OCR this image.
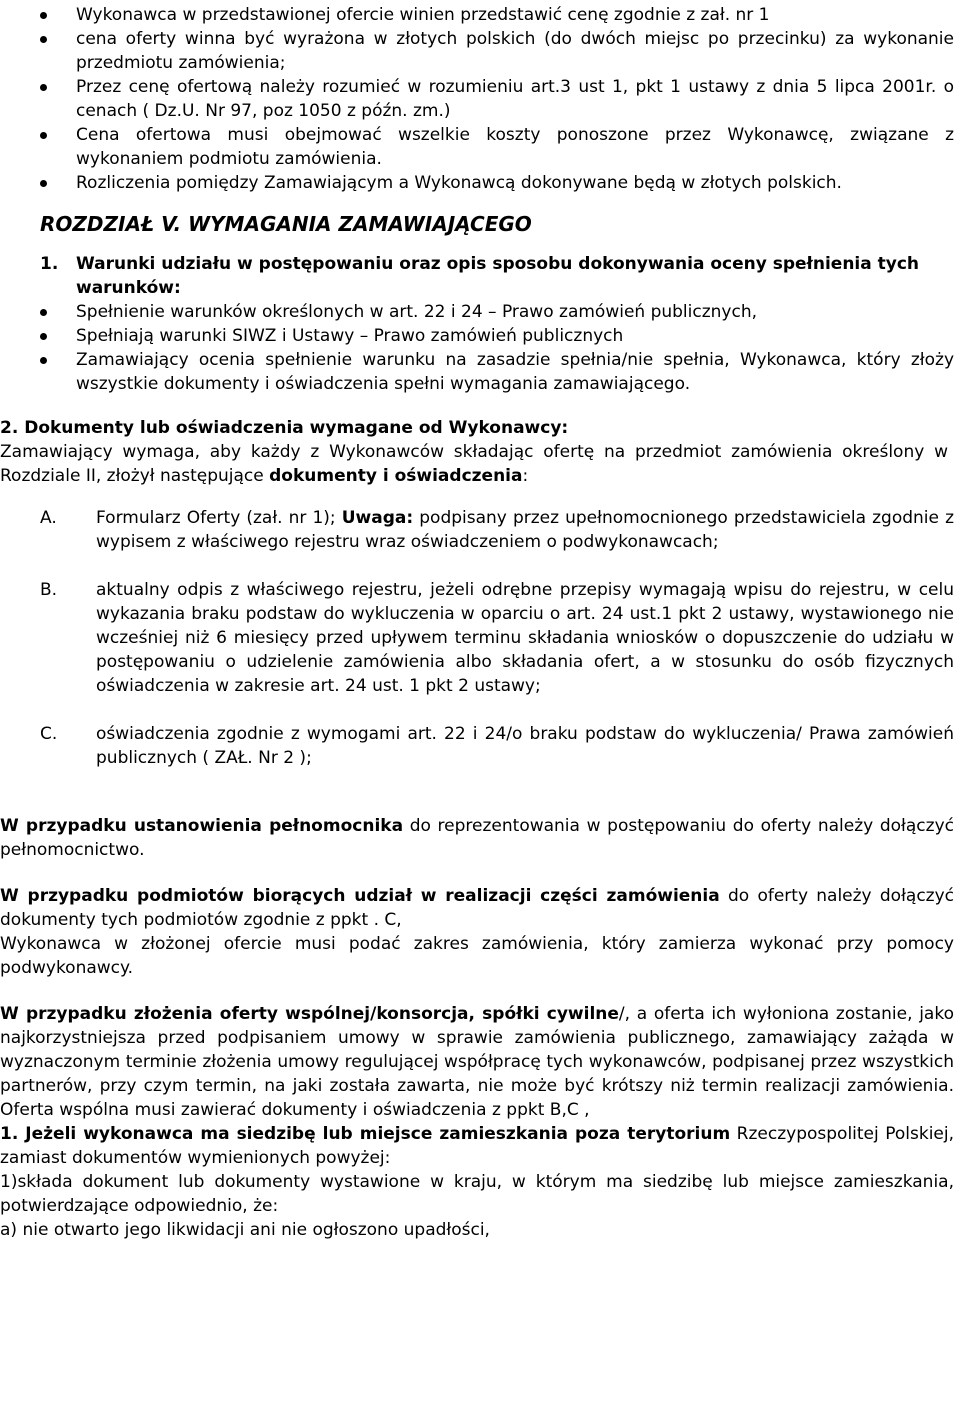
Wykonawca w przedstawionej ofercie winien przedstawić cenę zgodnie z zał. nr 1
cena oferty winna być wyrażona w złotych polskich (do dwóch miejsc po przecinku) za wykonanie przedmiotu zamówienia;
Przez cenę ofertową należy rozumieć w rozumieniu art.3 ust 1, pkt 1 ustawy z dnia 5 lipca 2001r. o cenach ( Dz.U. Nr 97, poz 1050 z późn. zm.)
Cena ofertowa musi obejmować wszelkie koszty ponoszone przez Wykonawcę, związane z wykonaniem podmiotu zamówienia.
Rozliczenia pomiędzy Zamawiającym a Wykonawcą dokonywane będą w złotych polskich.
ROZDZIAŁ V. WYMAGANIA ZAMAWIAJĄCEGO
1.	Warunki udziału w postępowaniu oraz opis sposobu dokonywania oceny spełnienia tych warunków:
Spełnienie warunków określonych w art. 22 i 24 – Prawo zamówień publicznych,
Spełniają warunki SIWZ i Ustawy – Prawo zamówień publicznych
Zamawiający ocenia spełnienie warunku na zasadzie spełnia/nie spełnia, Wykonawca, który złoży wszystkie dokumenty i oświadczenia spełni wymagania zamawiającego.
2. Dokumenty lub oświadczenia wymagane od Wykonawcy:
Zamawiający wymaga, aby każdy z Wykonawców składając ofertę na przedmiot zamówienia określony w Rozdziale II, złożył następujące dokumenty i oświadczenia:
A.	Formularz Oferty (zał. nr 1); Uwaga: podpisany przez upełnomocnionego przedstawiciela zgodnie z wypisem z właściwego rejestru wraz oświadczeniem o podwykonawcach;
B.	aktualny odpis z właściwego rejestru, jeżeli odrębne przepisy wymagają wpisu do rejestru, w celu wykazania braku podstaw do wykluczenia w oparciu o art. 24 ust.1 pkt 2 ustawy, wystawionego nie wcześniej niż 6 miesięcy przed upływem terminu składania wniosków o dopuszczenie do udziału w postępowaniu o udzielenie zamówienia albo składania ofert, a w stosunku do osób fizycznych oświadczenia w zakresie art. 24 ust. 1 pkt 2 ustawy;
C.	oświadczenia zgodnie z wymogami art. 22 i 24/o braku podstaw do wykluczenia/ Prawa zamówień publicznych ( ZAŁ. Nr 2 );
W przypadku ustanowienia pełnomocnika do reprezentowania w postępowaniu do oferty należy dołączyć pełnomocnictwo.
W przypadku podmiotów biorących udział w realizacji części zamówienia do oferty należy dołączyć dokumenty tych podmiotów zgodnie z ppkt . C,
Wykonawca w złożonej ofercie musi podać zakres zamówienia, który zamierza wykonać przy pomocy podwykonawcy.
W przypadku złożenia oferty wspólnej/konsorcja, spółki cywilne/, a oferta ich wyłoniona zostanie, jako najkorzystniejsza przed podpisaniem umowy w sprawie zamówienia publicznego, zamawiający zażąda w wyznaczonym terminie złożenia umowy regulującej współpracę tych wykonawców, podpisanej przez wszystkich partnerów, przy czym termin, na jaki została zawarta, nie może być krótszy niż termin realizacji zamówienia. Oferta wspólna musi zawierać dokumenty i oświadczenia z ppkt B,C ,
1. Jeżeli wykonawca ma siedzibę lub miejsce zamieszkania poza terytorium Rzeczypospolitej Polskiej, zamiast dokumentów wymienionych powyżej:
1)składa dokument lub dokumenty wystawione w kraju, w którym ma siedzibę lub miejsce zamieszkania, potwierdzające odpowiednio, że:
a) nie otwarto jego likwidacji ani nie ogłoszono upadłości,
